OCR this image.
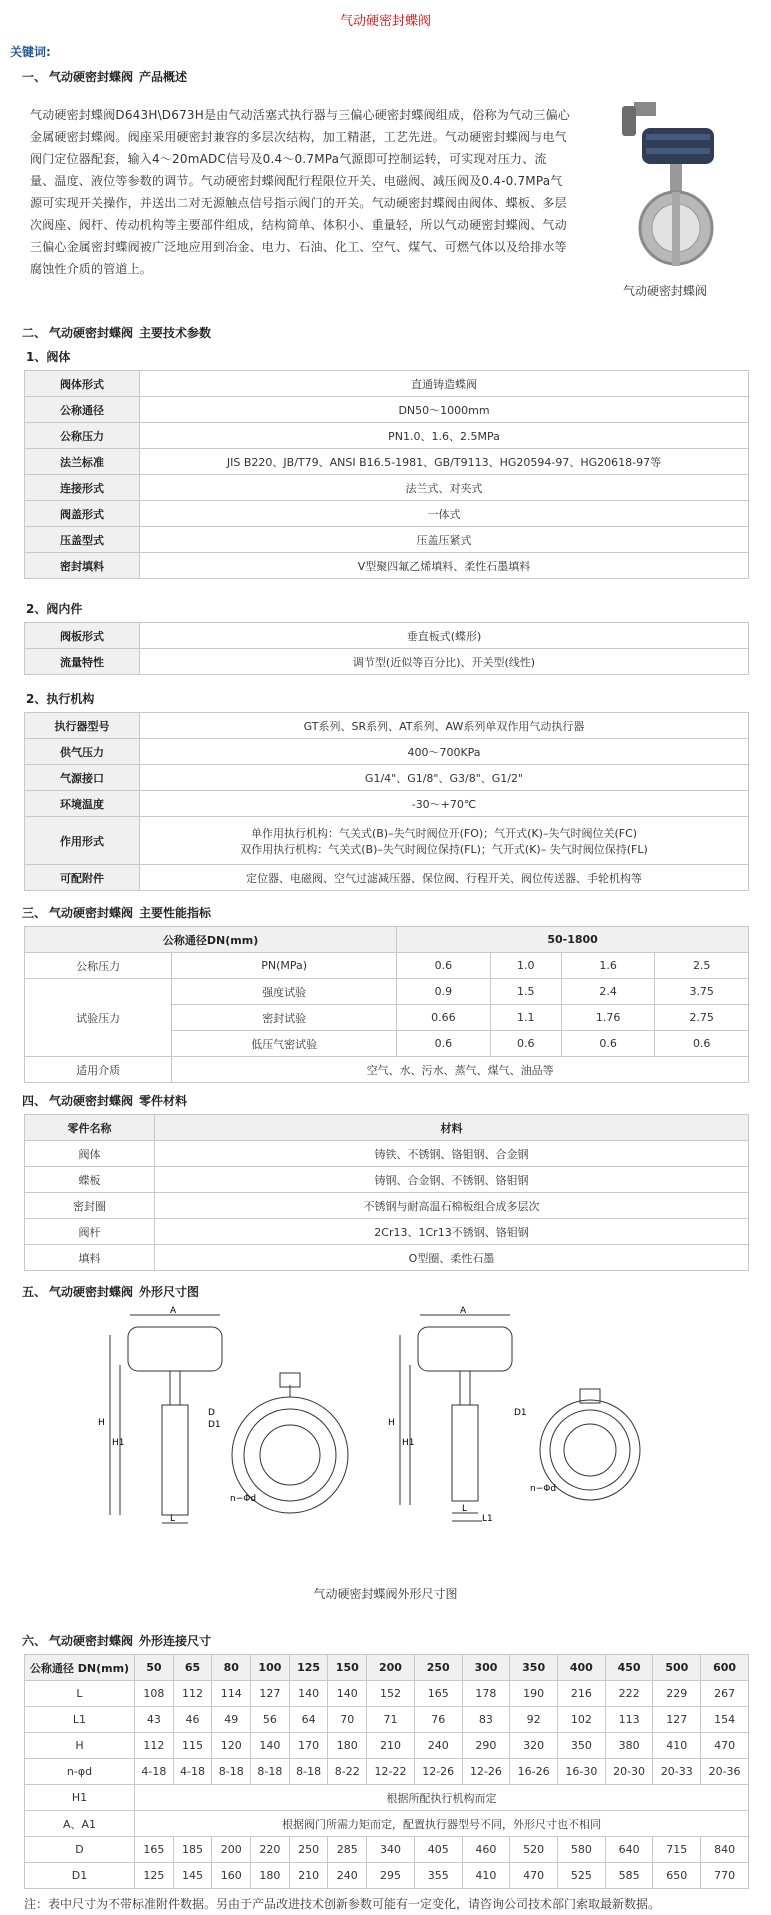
气动硬密封蝶阀
关键词:
一、 气动硬密封蝶阀 产品概述
气动硬密封蝶阀D643H\D673H是由气动活塞式执行器与三偏心硬密封蝶阀组成，俗称为气动三偏心金属硬密封蝶阀。阀座采用硬密封兼容的多层次结构，加工精湛，工艺先进。气动硬密封蝶阀与电气阀门定位器配套，输入4～20mADC信号及0.4～0.7MPa气源即可控制运转，可实现对压力、流量、温度、液位等参数的调节。气动硬密封蝶阀配行程限位开关、电磁阀、减压阀及0.4-0.7MPa气源可实现开关操作，并送出二对无源触点信号指示阀门的开关。气动硬密封蝶阀由阀体、蝶板、多层次阀座、阀杆、传动机构等主要部件组成，结构简单、体积小、重量轻，所以气动硬密封蝶阀、气动三偏心金属密封蝶阀被广泛地应用到冶金、电力、石油、化工、空气、煤气、可燃气体以及给排水等腐蚀性介质的管道上。
气动硬密封蝶阀
二、 气动硬密封蝶阀 主要技术参数
1、阀体
阀体形式	直通铸造蝶阀
公称通径	DN50～1000mm
公称压力	PN1.0、1.6、2.5MPa
法兰标准	JIS B220、JB/T79、ANSI B16.5-1981、GB/T9113、HG20594-97、HG20618-97等
连接形式	法兰式、对夹式
阀盖形式	一体式
压盖型式	压盖压紧式
密封填料	V型聚四氟乙烯填料、柔性石墨填料
2、阀内件
阀板形式	垂直板式(蝶形)
流量特性	调节型(近似等百分比)、开关型(线性)
2、执行机构
执行器型号	GT系列、SR系列、AT系列、AW系列单双作用气动执行器
供气压力	400～700KPa
气源接口	G1/4"、G1/8"、G3/8"、G1/2"
环境温度	-30～+70℃
作用形式	单作用执行机构：气关式(B)–失气时阀位开(FO)；气开式(K)–失气时阀位关(FC)
双作用执行机构：气关式(B)–失气时阀位保持(FL)；气开式(K)– 失气时阀位保持(FL)

可配附件	定位器、电磁阀、空气过滤减压器、保位阀、行程开关、阀位传送器、手轮机构等
三、 气动硬密封蝶阀 主要性能指标
公称通径DN(mm)		50-1800			
公称压力	PN(MPa)	0.6	1.0	1.6	2.5
试验压力	强度试验	0.9	1.5	2.4	3.75
	密封试验	0.66	1.1	1.76	2.75
	低压气密试验	0.6	0.6	0.6	0.6
适用介质	空气、水、污水、蒸气、煤气、油品等				
四、 气动硬密封蝶阀 零件材料
零件名称	材料
阀体	铸铁、不锈钢、铬钼钢、合金钢
蝶板	铸钢、合金钢、不锈钢、铬钼钢
密封圈	不锈钢与耐高温石棉板组合成多层次
阀杆	2Cr13、1Cr13不锈钢、铬钼钢
填料	O型圈、柔性石墨
五、 气动硬密封蝶阀 外形尺寸图
A
H
H1
L
D
D1
n−Φd
A
H
H1
L
L1
D1
n−Φd
气动硬密封蝶阀外形尺寸图
六、 气动硬密封蝶阀 外形连接尺寸
公称通径 DN(mm)	50	65	80	100	125	150	200	250	300	350	400	450	500	600
L	108	112	114	127	140	140	152	165	178	190	216	222	229	267
L1	43	46	49	56	64	70	71	76	83	92	102	113	127	154
H	112	115	120	140	170	180	210	240	290	320	350	380	410	470
n-φd	4-18	4-18	8-18	8-18	8-18	8-22	12-22	12-26	12-26	16-26	16-30	20-30	20-33	20-36
H1	根据所配执行机构而定													
A、A1	根据阀门所需力矩而定，配置执行器型号不同，外形尺寸也不相同													
D	165	185	200	220	250	285	340	405	460	520	580	640	715	840
D1	125	145	160	180	210	240	295	355	410	470	525	585	650	770
注：表中尺寸为不带标准附件数据。另由于产品改进技术创新参数可能有一定变化，请咨询公司技术部门索取最新数据。
